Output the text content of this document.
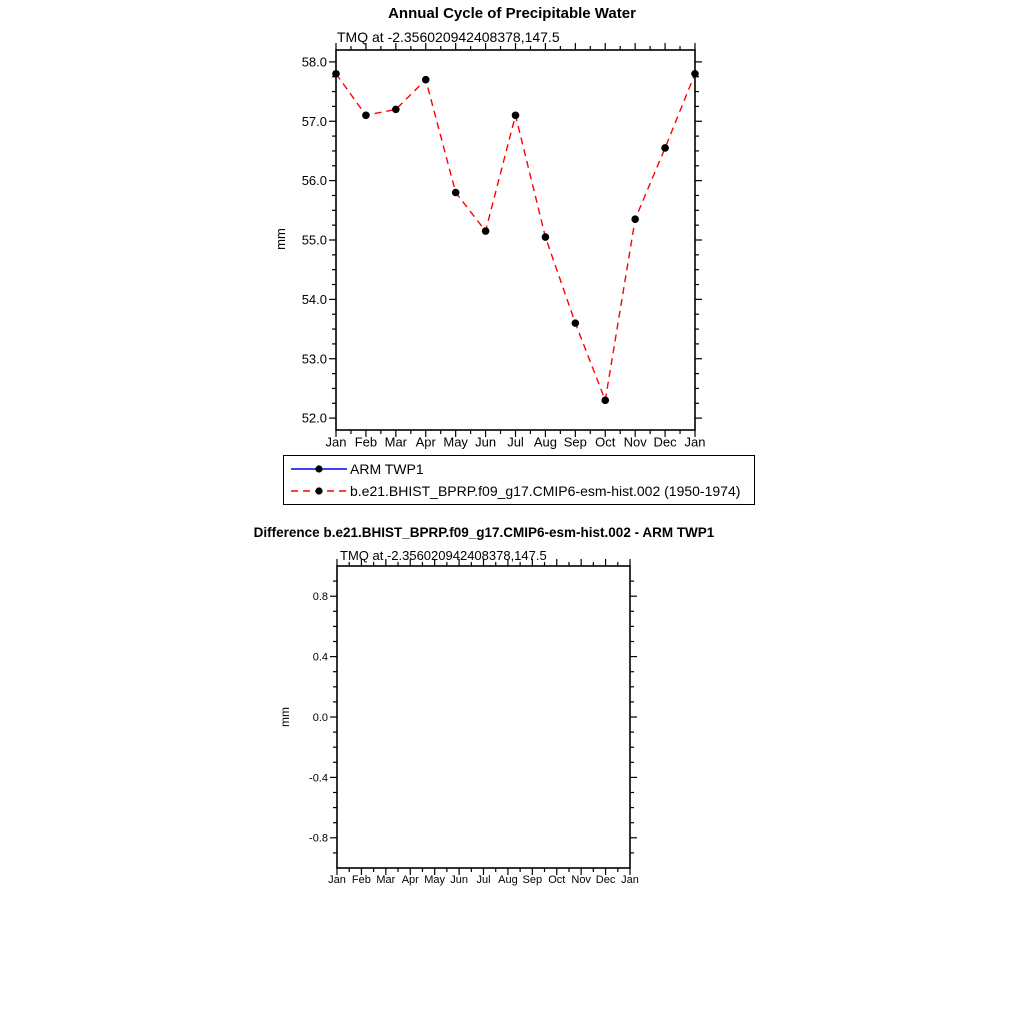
Jan Feb Mar Apr May Jun Jul Aug Sep Oct Nov Dec Jan
52.0
53.0
54.0
55.0
56.0
57.0
58.0
Jan Feb Mar Apr May Jun Jul Aug Sep Oct Nov Dec Jan
-0.8
-0.4
0.0
0.4
0.8
Annual Cycle of Precipitable Water
TMQ at -2.356020942408378,147.5
mm
ARM TWP1
b.e21.BHIST_BPRP.f09_g17.CMIP6-esm-hist.002 (1950-1974)
Difference b.e21.BHIST_BPRP.f09_g17.CMIP6-esm-hist.002 - ARM TWP1
TMQ at -2.356020942408378,147.5
mm
